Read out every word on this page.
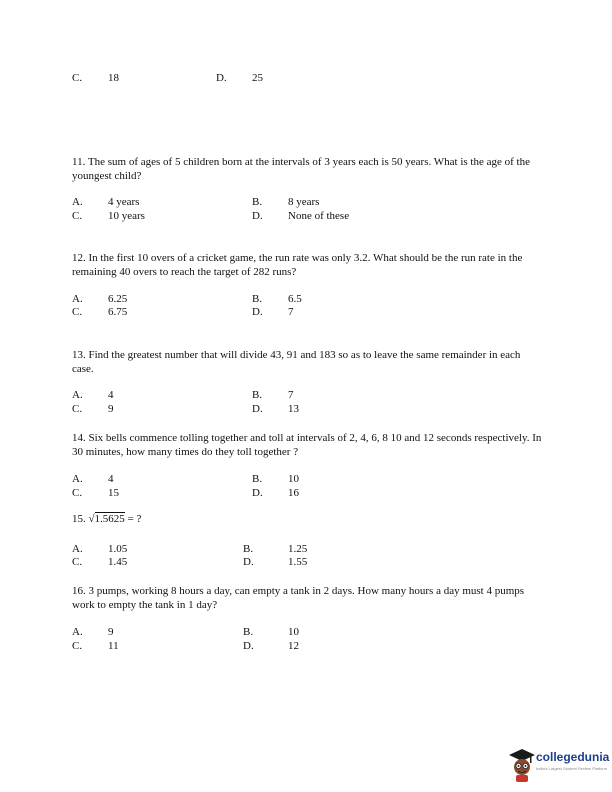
C. 18	D. 25
11. The sum of ages of 5 children born at the intervals of 3 years each is 50 years. What is the age of the youngest child?
A. 4 years	B. 8 years
C. 10 years	D. None of these
12. In the first 10 overs of a cricket game, the run rate was only 3.2. What should be the run rate in the remaining 40 overs to reach the target of 282 runs?
A. 6.25	B. 6.5
C. 6.75	D. 7
13. Find the greatest number that will divide 43, 91 and 183 so as to leave the same remainder in each case.
A. 4	B. 7
C. 9	D. 13
14. Six bells commence tolling together and toll at intervals of 2, 4, 6, 8 10 and 12 seconds respectively. In 30 minutes, how many times do they toll together ?
A. 4	B. 10
C. 15	D. 16
15. √1.5625 = ?
A. 1.05	B.	1.25
C. 1.45	D.	1.55
16. 3 pumps, working 8 hours a day, can empty a tank in 2 days. How many hours a day must 4 pumps work to empty the tank in 1 day?
A. 9	B.	10
C. 11	D.	12
collegedunia
India's Largest Student Review Platform
